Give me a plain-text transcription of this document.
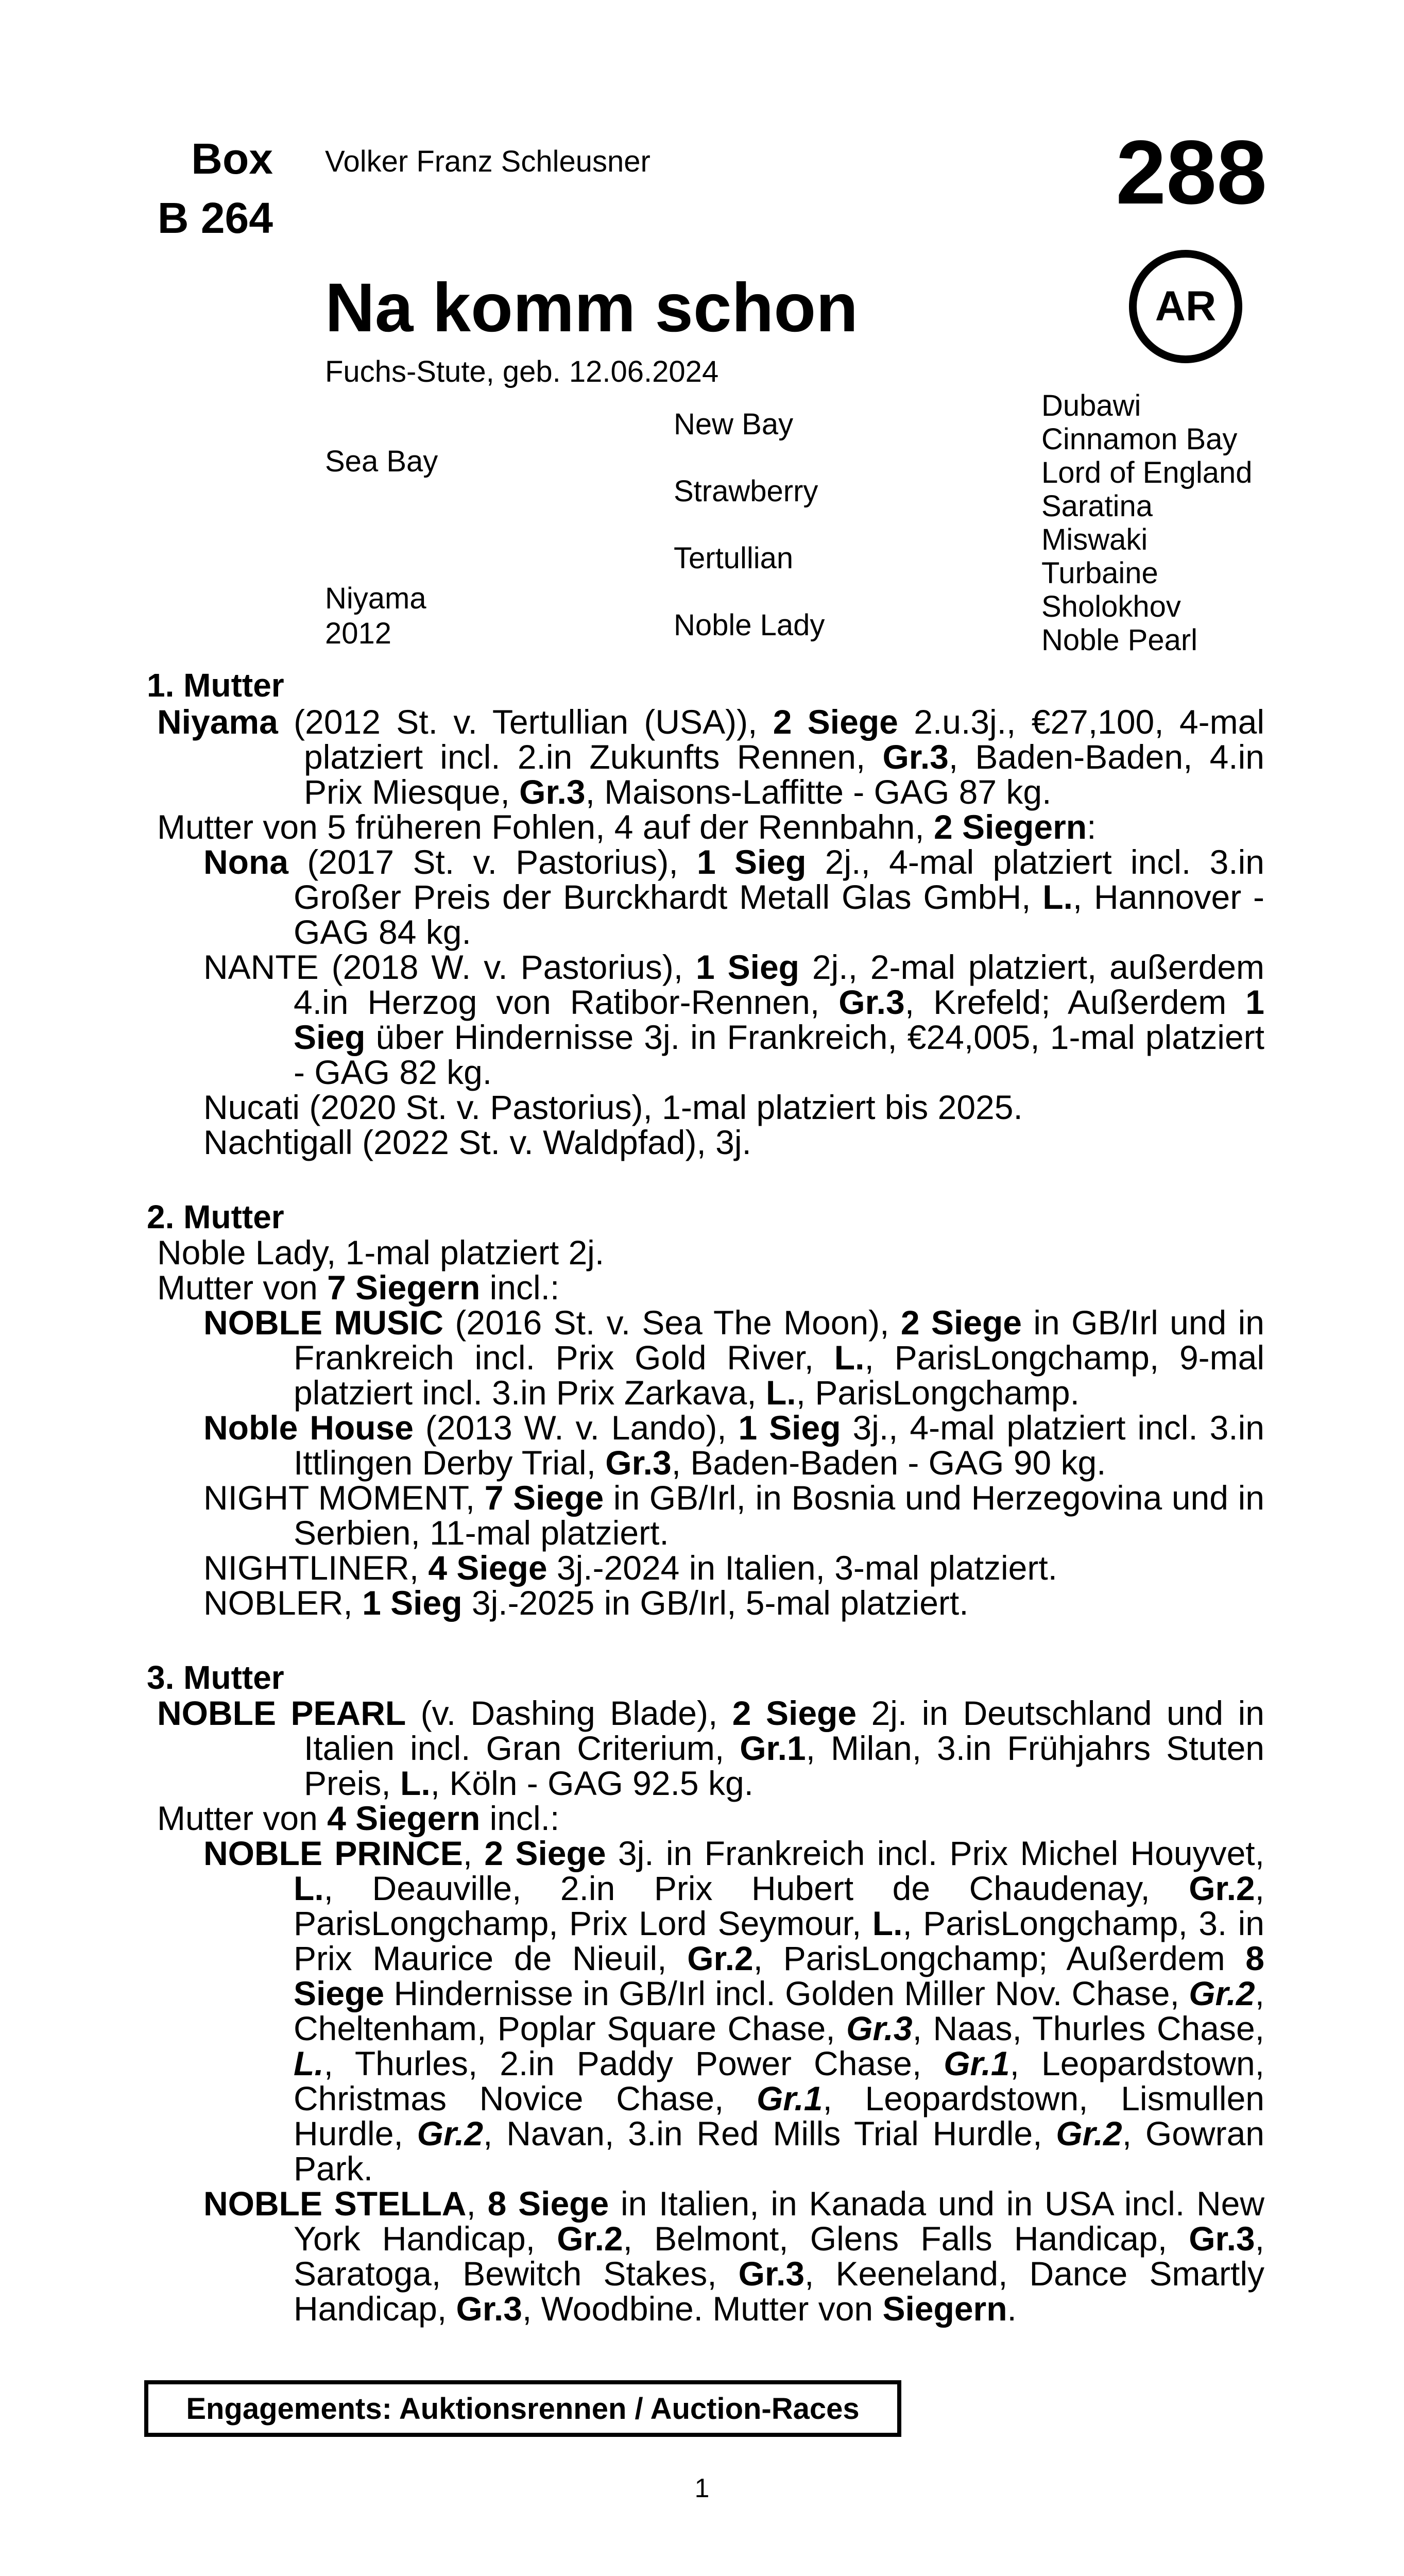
Box
B 264
Volker Franz Schleusner	288
Na komm schon	AR
Fuchs-Stute, geb. 12.06.2024
Sea Bay
Niyama
2012
New Bay
Strawberry
Tertullian
Noble Lady
Dubawi
Cinnamon Bay
Lord of England
Saratina
Miswaki
Turbaine
Sholokhov
Noble Pearl
1. Mutter
Niyama (2012 St. v. Tertullian (USA)), 2 Siege 2.u.3j., €27,100, 4-mal platziert incl. 2.in Zukunfts Rennen, Gr.3, Baden-Baden, 4.in Prix Miesque, Gr.3, Maisons-Laffitte - GAG 87 kg.
Mutter von 5 früheren Fohlen, 4 auf der Rennbahn, 2 Siegern:
Nona (2017 St. v. Pastorius), 1 Sieg 2j., 4-mal platziert incl. 3.in Großer Preis der Burckhardt Metall Glas GmbH, L., Hannover - GAG 84 kg.
NANTE (2018 W. v. Pastorius), 1 Sieg 2j., 2-mal platziert, außerdem 4.in Herzog von Ratibor-Rennen, Gr.3, Krefeld; Außerdem 1 Sieg über Hindernisse 3j. in Frankreich, €24,005, 1-mal platziert - GAG 82 kg.
Nucati (2020 St. v. Pastorius), 1-mal platziert bis 2025.
Nachtigall (2022 St. v. Waldpfad), 3j.
2. Mutter
Noble Lady, 1-mal platziert 2j.
Mutter von 7 Siegern incl.:
NOBLE MUSIC (2016 St. v. Sea The Moon), 2 Siege in GB/Irl und in Frankreich incl. Prix Gold River, L., ParisLongchamp, 9-mal platziert incl. 3.in Prix Zarkava, L., ParisLongchamp.
Noble House (2013 W. v. Lando), 1 Sieg 3j., 4-mal platziert incl. 3.in Ittlingen Derby Trial, Gr.3, Baden-Baden - GAG 90 kg.
NIGHT MOMENT, 7 Siege in GB/Irl, in Bosnia und Herzegovina und in Serbien, 11-mal platziert.
NIGHTLINER, 4 Siege 3j.-2024 in Italien, 3-mal platziert.
NOBLER, 1 Sieg 3j.-2025 in GB/Irl, 5-mal platziert.
3. Mutter
NOBLE PEARL (v. Dashing Blade), 2 Siege 2j. in Deutschland und in Italien incl. Gran Criterium, Gr.1, Milan, 3.in Frühjahrs Stuten Preis, L., Köln - GAG 92.5 kg.
Mutter von 4 Siegern incl.:
NOBLE PRINCE, 2 Siege 3j. in Frankreich incl. Prix Michel Houyvet, L., Deauville, 2.in Prix Hubert de Chaudenay, Gr.2, ParisLongchamp, Prix Lord Seymour, L., ParisLongchamp, 3. in Prix Maurice de Nieuil, Gr.2, ParisLongchamp; Außerdem 8 Siege Hindernisse in GB/Irl incl. Golden Miller Nov. Chase, Gr.2, Cheltenham, Poplar Square Chase, Gr.3, Naas, Thurles Chase, L., Thurles, 2.in Paddy Power Chase, Gr.1, Leopardstown, Christmas Novice Chase, Gr.1, Leopardstown, Lismullen Hurdle, Gr.2, Navan, 3.in Red Mills Trial Hurdle, Gr.2, Gowran Park.
NOBLE STELLA, 8 Siege in Italien, in Kanada und in USA incl. New York Handicap, Gr.2, Belmont, Glens Falls Handicap, Gr.3, Saratoga, Bewitch Stakes, Gr.3, Keeneland, Dance Smartly Handicap, Gr.3, Woodbine. Mutter von Siegern.
Engagements: Auktionsrennen / Auction-Races
1
